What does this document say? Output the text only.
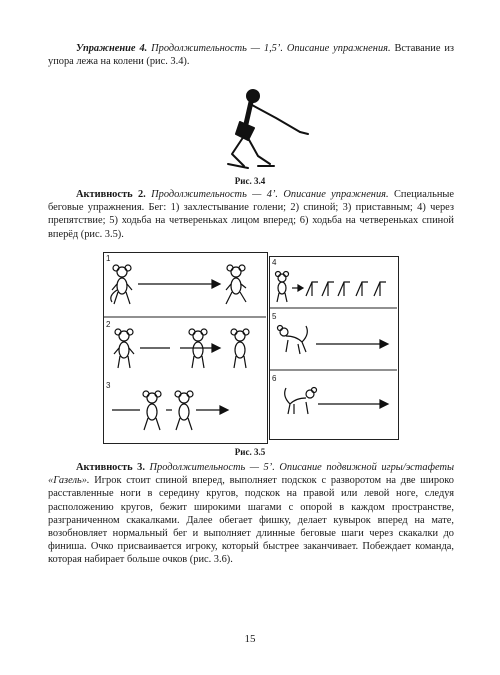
Упражнение 4. Продолжительность — 1,5’. Описание упражнения. Вставание из упора лежа на колени (рис. 3.4).

Рис. 3.4

Активность 2. Продолжительность — 4’. Описание упражнения. Специальные беговые упражнения. Бег: 1) захлестывание голени; 2) спиной; 3) приставным; 4) через препятствие; 5) ходьба на четвереньках лицом вперед; 6) ходьба на четвереньках спиной вперёд (рис. 3.5).

1
2
3
4
5
6
Рис. 3.5

Активность 3. Продолжительность — 5’. Описание подвижной игры/эстафеты «Газель». Игрок стоит спиной вперед, выполняет подскок с разворотом на две широко расставленные ноги в середину кругов, подскок на правой или левой ноге, следуя расположению кругов, бежит широкими шагами с опорой в каждом пространстве, разграниченном скакалками. Далее обегает фишку, делает кувырок вперед на мате, возобновляет нормальный бег и выполняет длинные беговые шаги через скакалки до финиша. Очко присваивается игроку, который быстрее заканчивает. Побеждает команда, которая набирает больше очков (рис. 3.6).

15
